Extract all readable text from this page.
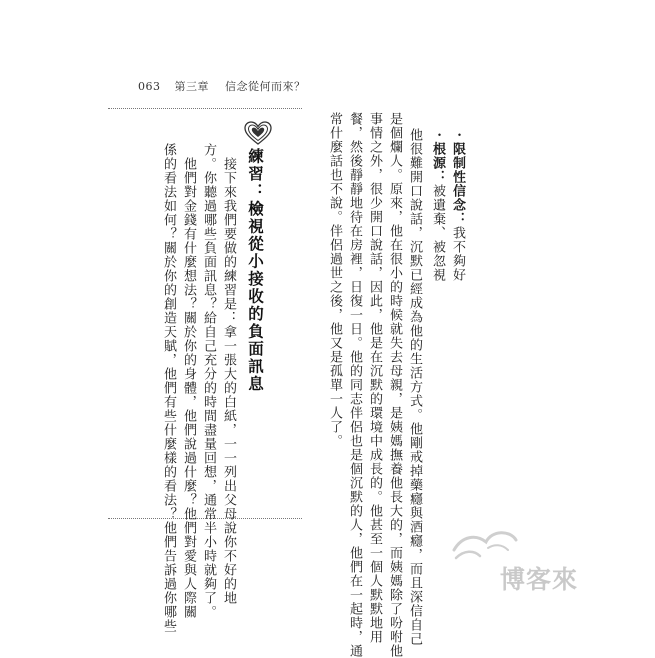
063 第三章 信念從何而來？
・限制性信念：我不夠好
・根源：被遺棄、被忽視
他很難開口說話，沉默已經成為他的生活方式。他剛戒掉藥癮與酒癮，而且深信自己
是個爛人。原來，他在很小的時候就失去母親，是姨媽撫養他長大的，而姨媽除了吩咐他
事情之外，很少開口說話，因此，他是在沉默的環境中成長的。他甚至一個人默默地用
餐，然後靜靜地待在房裡，日復一日。他的同志伴侶也是個沉默的人，他們在一起時，通
常什麼話也不說。伴侶過世之後，他又是孤單一人了。
練習：檢視從小接收的負面訊息
接下來我們要做的練習是：拿一張大的白紙，一一列出父母說你不好的地
方。你聽過哪些負面訊息？給自己充分的時間盡量回想，通常半小時就夠了。
他們對金錢有什麼想法？關於你的身體，他們說過什麼？他們對愛與人際關
係的看法如何？關於你的創造天賦，他們有些什麼樣的看法？他們告訴過你哪些	博客來
